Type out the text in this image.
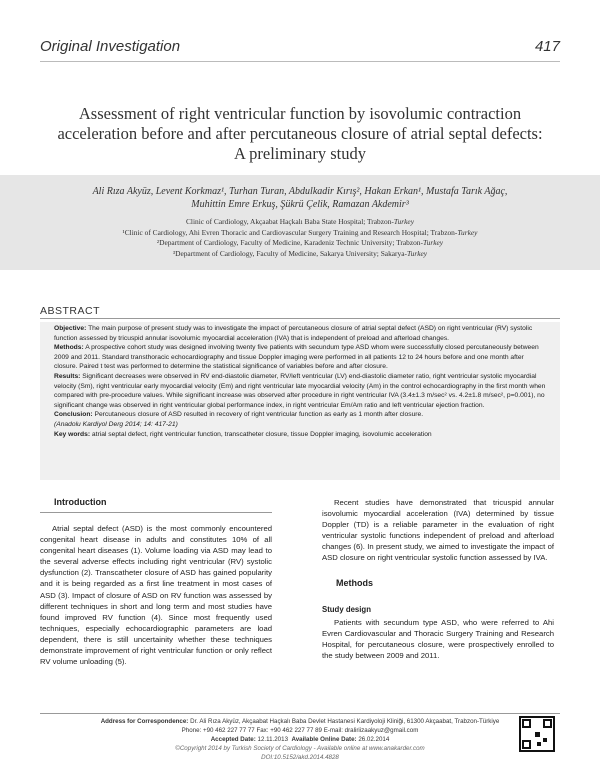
Original Investigation	417
Assessment of right ventricular function by isovolumic contraction acceleration before and after percutaneous closure of atrial septal defects: A preliminary study
Ali Rıza Akyüz, Levent Korkmaz¹, Turhan Turan, Abdulkadir Kırış², Hakan Erkan¹, Mustafa Tarık Ağaç,
Muhittin Emre Erkuş, Şükrü Çelik, Ramazan Akdemir³
Clinic of Cardiology, Akçaabat Haçkalı Baba State Hospital; Trabzon-Turkey
¹Clinic of Cardiology, Ahi Evren Thoracic and Cardiovascular Surgery Training and Research Hospital; Trabzon-Turkey
²Department of Cardiology, Faculty of Medicine, Karadeniz Technic University; Trabzon-Turkey
³Department of Cardiology, Faculty of Medicine, Sakarya University; Sakarya-Turkey
ABSTRACT
Objective: The main purpose of present study was to investigate the impact of percutaneous closure of atrial septal defect (ASD) on right ventricular (RV) systolic function assessed by tricuspid annular isovolumic myocardial acceleration (IVA) that is independent of preload and afterload changes.
Methods: A prospective cohort study was designed involving twenty five patients with secundum type ASD whom were successfully closed percutaneously between 2009 and 2011. Standard transthoracic echocardiography and tissue Doppler imaging were performed in all patients 12 to 24 hours before and one month after closure. Paired t test was performed to determine the statistical significance of variables before and after closure.
Results: Significant decreases were observed in RV end-diastolic diameter, RV/left ventricular (LV) end-diastolic diameter ratio, right ventricular systolic myocardial velocity (Sm), right ventricular early myocardial velocity (Em) and right ventricular late myocardial velocity (Am) in the control echocardiography in the first month when compared with pre-procedure values. While significant increase was observed after procedure in right ventricular IVA (3.4±1.3 m/sec² vs. 4.2±1.8 m/sec², p=0.001), no significant change was observed in right ventricular global performance index, in right ventricular Em/Am ratio and left ventricular ejection fraction.
Conclusion: Percutaneous closure of ASD resulted in recovery of right ventricular function as early as 1 month after closure.
(Anadolu Kardiyol Derg 2014; 14: 417-21)
Key words: atrial septal defect, right ventricular function, transcatheter closure, tissue Doppler imaging, isovolumic acceleration
Introduction

Atrial septal defect (ASD) is the most commonly encountered congenital heart disease in adults and constitutes 10% of all congenital heart diseases (1). Volume loading via ASD may lead to the several adverse effects including right ventricular (RV) systolic dysfunction (2). Transcatheter closure of ASD has gained popularity and it is being regarded as a first line treatment in most cases of ASD (3). Impact of closure of ASD on RV function was assessed by different techniques in short and long term and most studies have found improved RV function (4). Since most frequently used techniques, especially echocardiographic parameters are load dependent, there is still uncertainity whether these techniques demonstrate improvement of right ventricular function or only reflect RV volume unloading (5).

Recent studies have demonstrated that tricuspid annular isovolumic myocardial acceleration (IVA) determined by tissue Doppler (TD) is a reliable parameter in the evaluation of right ventricular systolic functions independent of preload and afterload changes (6). In present study, we aimed to investigate the impact of ASD closure on right ventricular systolic function assessed by IVA.

Methods
Study design

Patients with secundum type ASD, who were referred to Ahi Evren Cardiovascular and Thoracic Surgery Training and Research Hospital, for percutaneous closure, were prospectively enrolled to the study between 2009 and 2011.

Address for Correspondence: Dr. Ali Rıza Akyüz, Akçaabat Haçkalı Baba Devlet Hastanesi Kardiyoloji Kliniği, 61300 Akçaabat, Trabzon-Türkiye
Phone: +90 462 227 77 77 Fax: +90 462 227 77 89 E-mail: draliriizaakyuz@gmail.com
Accepted Date: 12.11.2013 Available Online Date: 26.02.2014
©Copyright 2014 by Turkish Society of Cardiology - Available online at www.anakarder.com
DOI:10.5152/akd.2014.4828
